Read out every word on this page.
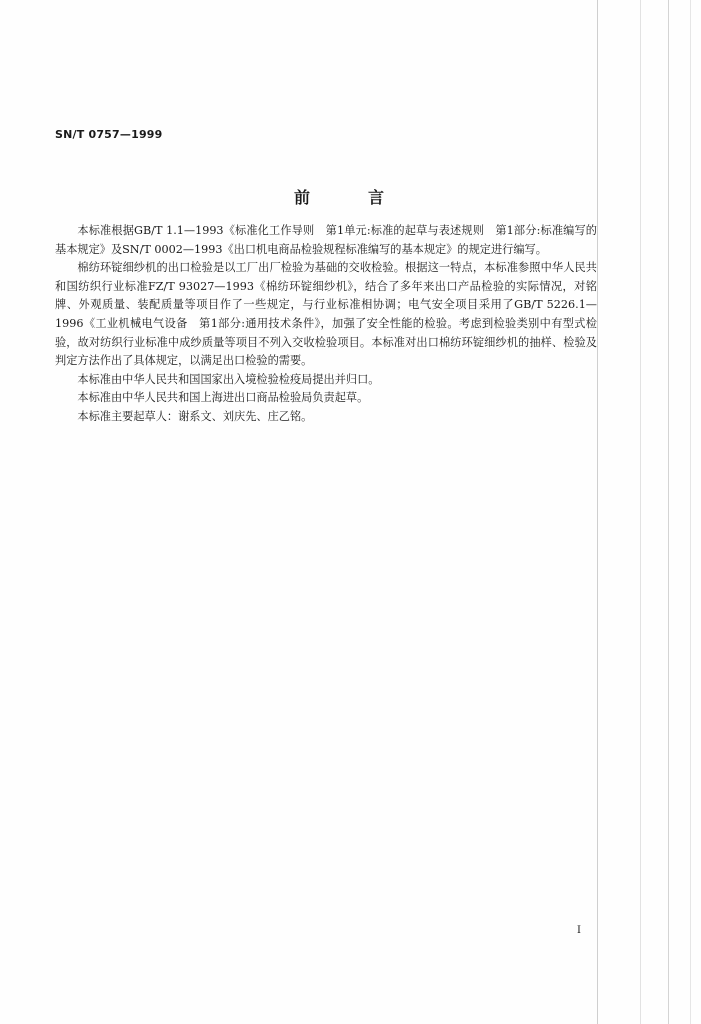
SN/T 0757—1999
前言

本标准根据GB/T 1.1—1993《标准化工作导则　第1单元:标准的起草与表述规则　第1部分:标准编写的基本规定》及SN/T 0002—1993《出口机电商品检验规程标准编写的基本规定》的规定进行编写。

棉纺环锭细纱机的出口检验是以工厂出厂检验为基础的交收检验。根据这一特点，本标准参照中华人民共和国纺织行业标准FZ/T 93027—1993《棉纺环锭细纱机》，结合了多年来出口产品检验的实际情况，对铭牌、外观质量、装配质量等项目作了一些规定，与行业标准相协调；电气安全项目采用了GB/T 5226.1—1996《工业机械电气设备　第1部分:通用技术条件》，加强了安全性能的检验。考虑到检验类别中有型式检验，故对纺织行业标准中成纱质量等项目不列入交收检验项目。本标准对出口棉纺环锭细纱机的抽样、检验及判定方法作出了具体规定，以满足出口检验的需要。

本标准由中华人民共和国国家出入境检验检疫局提出并归口。

本标准由中华人民共和国上海进出口商品检验局负责起草。

本标准主要起草人：谢系文、刘庆先、庄乙铭。

I
